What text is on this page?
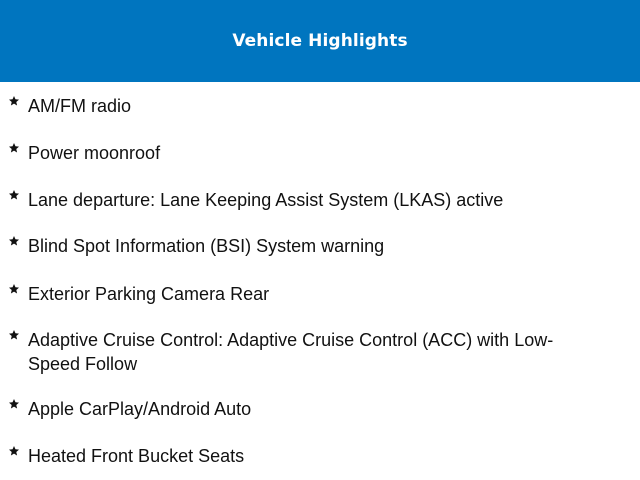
Vehicle Highlights
AM/FM radio
Power moonroof
Lane departure: Lane Keeping Assist System (LKAS) active
Blind Spot Information (BSI) System warning
Exterior Parking Camera Rear
Adaptive Cruise Control: Adaptive Cruise Control (ACC) with Low-Speed Follow
Apple CarPlay/Android Auto
Heated Front Bucket Seats
